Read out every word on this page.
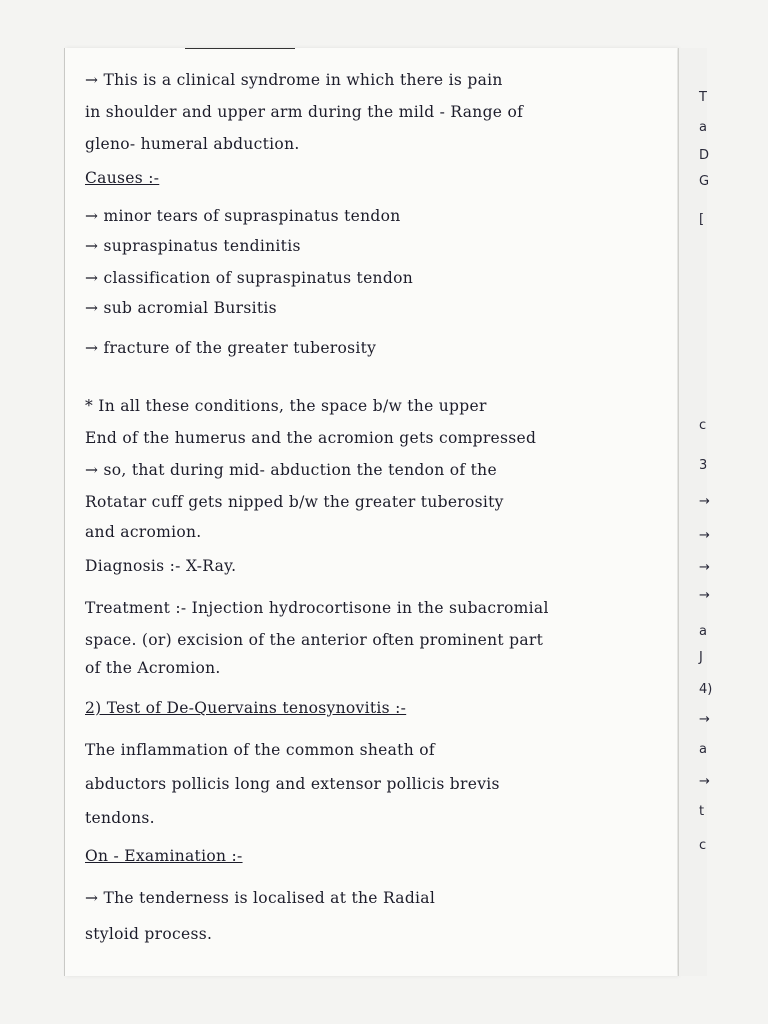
→ This is a clinical syndrome in which there is pain
in shoulder and upper arm during the mild - Range of
gleno- humeral abduction.
Causes :-
→ minor tears of supraspinatus tendon
→ supraspinatus tendinitis
→ classification of supraspinatus tendon
→ sub acromial Bursitis
→ fracture of the greater tuberosity
* In all these conditions, the space b/w the upper
End of the humerus and the acromion gets compressed
→ so, that during mid- abduction the tendon of the
Rotatar cuff gets nipped b/w the greater tuberosity
and acromion.
Diagnosis :- X-Ray.
Treatment :- Injection hydrocortisone in the subacromial
space. (or) excision of the anterior often prominent part
of the Acromion.
2) Test of De-Quervains tenosynovitis :-
The inflammation of the common sheath of
abductors pollicis long and extensor pollicis brevis
tendons.
On - Examination :-
→ The tenderness is localised at the Radial
styloid process.
T
a
D
G
[
c
3
→
→
→
→
a
J
4)
→
a
→
t
c
